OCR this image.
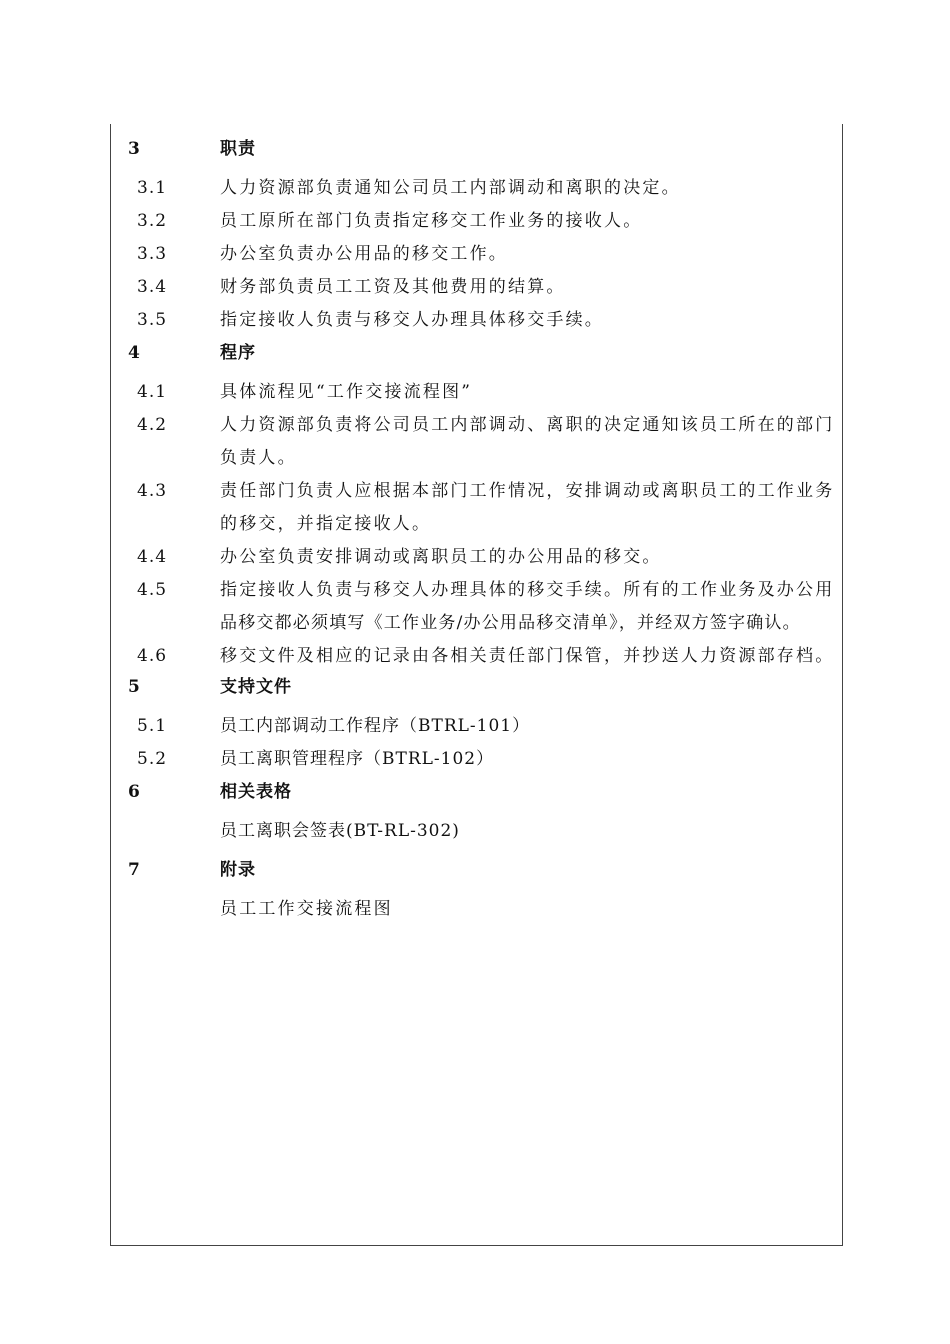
3	职责
3.1	人力资源部负责通知公司员工内部调动和离职的决定。
3.2	员工原所在部门负责指定移交工作业务的接收人。
3.3	办公室负责办公用品的移交工作。
3.4	财务部负责员工工资及其他费用的结算。
3.5	指定接收人负责与移交人办理具体移交手续。
4	程序
4.1	具体流程见“工作交接流程图”
4.2	人力资源部负责将公司员工内部调动、离职的决定通知该员工所在的部门
负责人。
4.3	责任部门负责人应根据本部门工作情况，安排调动或离职员工的工作业务
的移交，并指定接收人。
4.4	办公室负责安排调动或离职员工的办公用品的移交。
4.5	指定接收人负责与移交人办理具体的移交手续。所有的工作业务及办公用
品移交都必须填写《工作业务/办公用品移交清单》，并经双方签字确认。
4.6	移交文件及相应的记录由各相关责任部门保管，并抄送人力资源部存档。
5	支持文件
5.1	员工内部调动工作程序（BTRL-101）
5.2	员工离职管理程序（BTRL-102）
6	相关表格
员工离职会签表(BT-RL-302)
7	附录
员工工作交接流程图
